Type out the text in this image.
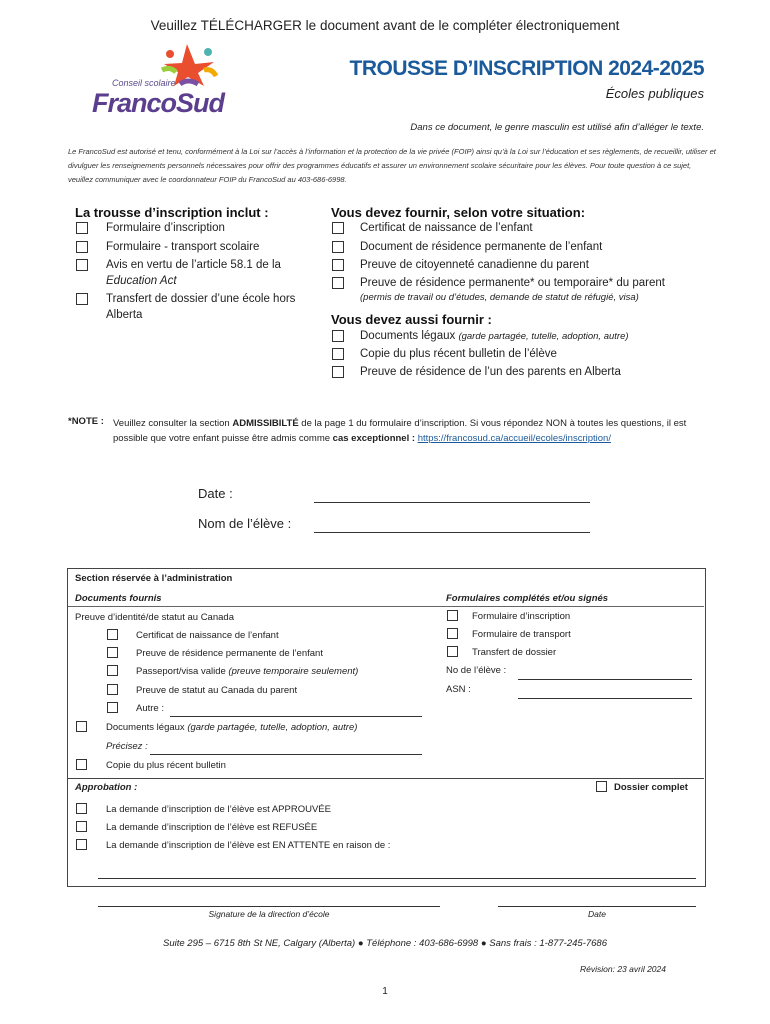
Veuillez TÉLÉCHARGER le document avant de le compléter électroniquement
Conseil scolaire
FrancoSud
TROUSSE D’INSCRIPTION 2024-2025
Écoles publiques
Dans ce document, le genre masculin est utilisé afin d’alléger le texte.
Le FrancoSud est autorisé et tenu, conformément à la Loi sur l’accès à l’information et la protection de la vie privée (FOIP) ainsi qu’à la Loi sur l’éducation et ses règlements, de recueillir, utiliser et divulguer les renseignements personnels nécessaires pour offrir des programmes éducatifs et assurer un environnement scolaire sécuritaire pour les élèves. Pour toute question à ce sujet, veuillez communiquer avec le coordonnateur FOIP du FrancoSud au 403-686-6998.
La trousse d’inscription inclut :
Formulaire d’inscription
Formulaire - transport scolaire
Avis en vertu de l’article 58.1 de la
Education Act
Transfert de dossier d’une école hors
Alberta
Vous devez fournir, selon votre situation:
Certificat de naissance de l’enfant
Document de résidence permanente de l’enfant
Preuve de citoyenneté canadienne du parent
Preuve de résidence permanente* ou temporaire* du parent
(permis de travail ou d’études, demande de statut de réfugié, visa)
Vous devez aussi fournir :
Documents légaux (garde partagée, tutelle, adoption, autre)
Copie du plus récent bulletin de l’élève
Preuve de résidence de l’un des parents en Alberta
*NOTE : Veuillez consulter la section ADMISSIBILTÉ de la page 1 du formulaire d’inscription. Si vous répondez NON à toutes les questions, il est possible que votre enfant puisse être admis comme cas exceptionnel : https://francosud.ca/accueil/ecoles/inscription/
Date :
Nom de l’élève :
Section réservée à l’administration
Documents fournis
Preuve d’identité/de statut au Canada
Certificat de naissance de l’enfant
Preuve de résidence permanente de l’enfant
Passeport/visa valide (preuve temporaire seulement)
Preuve de statut au Canada du parent
Autre :
Documents légaux (garde partagée, tutelle, adoption, autre)
Précisez :
Copie du plus récent bulletin
Formulaires complétés et/ou signés
Formulaire d’inscription
Formulaire de transport
Transfert de dossier
No de l’élève :
ASN :
Approbation :	Dossier complet
La demande d’inscription de l’élève est APPROUVÉE
La demande d’inscription de l’élève est REFUSÉE
La demande d’inscription de l’élève est EN ATTENTE en raison de :
Signature de la direction d’école	Date
Suite 295 – 6715 8th St NE, Calgary (Alberta) ● Téléphone : 403-686-6998 ● Sans frais : 1-877-245-7686
Révision: 23 avril 2024
1
